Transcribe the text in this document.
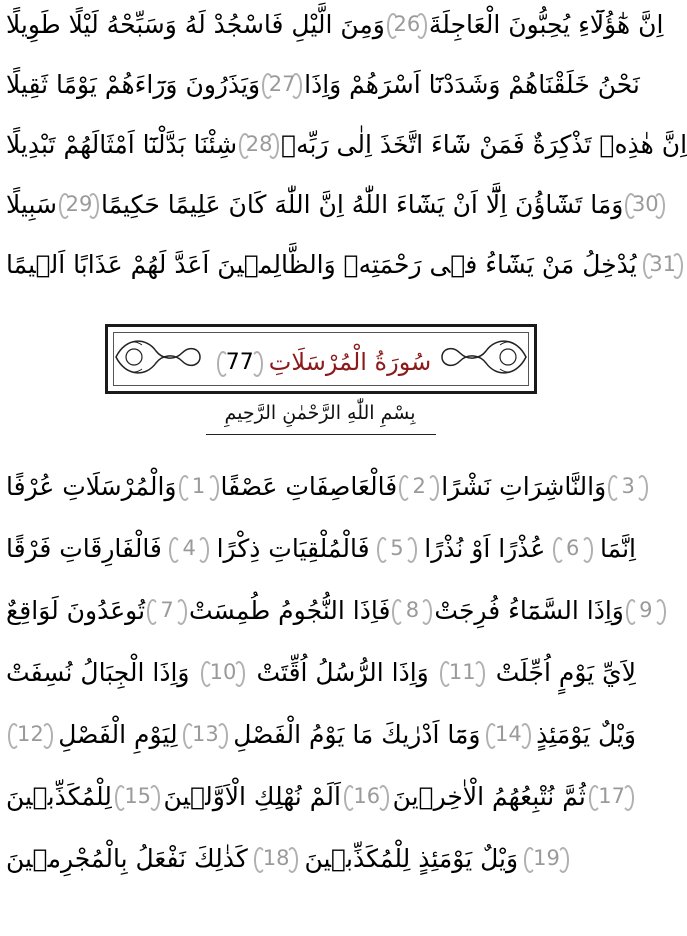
وَمِنَ الَّيْلِ فَاسْجُدْ لَهُ وَسَبِّحْهُ لَيْلًا طَوِيلًا 26 اِنَّ هٰٓؤُلَٓاءِ يُحِبُّونَ الْعَاجِلَةَ
وَيَذَرُونَ وَرَٓاءَهُمْ يَوْمًا ثَقِيلًا 27 نَحْنُ خَلَقْنَاهُمْ وَشَدَدْنَٓا اَسْرَهُمْ وَاِذَا
شِئْنَا بَدَّلْنَٓا اَمْثَالَهُمْ تَبْدِيلًا 28 اِنَّ هٰذِهٖ تَذْكِرَةٌ فَمَنْ شَٓاءَ اتَّخَذَ اِلٰى رَبِّهٖ
سَبِيلًا 29 وَمَا تَشَٓاؤُنَ اِلَّٓا اَنْ يَشَٓاءَ اللّٰهُ اِنَّ اللّٰهَ كَانَ عَلِيمًا حَكِيمًا 30
يُدْخِلُ مَنْ يَشَٓاءُ فٖى رَحْمَتِهٖ وَالظَّالِمٖينَ اَعَدَّ لَهُمْ عَذَابًا اَلٖيمًا 31
سُورَةُ الْمُرْسَلَاتِ
77
بِسْمِ اللّٰهِ الرَّحْمٰنِ الرَّحِيمِ
وَالْمُرْسَلَاتِ عُرْفًا 1 فَالْعَاصِفَاتِ عَصْفًا 2 وَالنَّاشِرَاتِ نَشْرًا 3
فَالْفَارِقَاتِ فَرْقًا 4 فَالْمُلْقِيَاتِ ذِكْرًا 5 عُذْرًا اَوْ نُذْرًا 6 اِنَّمَا
تُوعَدُونَ لَوَاقِعٌ 7 فَاِذَا النُّجُومُ طُمِسَتْ 8 وَاِذَا السَّمَٓاءُ فُرِجَتْ 9
وَاِذَا الْجِبَالُ نُسِفَتْ 10 وَاِذَا الرُّسُلُ اُقِّتَتْ 11 لِاَيِّ يَوْمٍ اُجِّلَتْ
12 لِيَوْمِ الْفَصْلِ 13 وَمَٓا اَدْرٰيكَ مَا يَوْمُ الْفَصْلِ 14 وَيْلٌ يَوْمَئِذٍ
لِلْمُكَذِّبٖينَ 15 اَلَمْ نُهْلِكِ الْاَوَّلٖينَ 16 ثُمَّ نُتْبِعُهُمُ الْاٰخِرٖينَ 17
كَذٰلِكَ نَفْعَلُ بِالْمُجْرِمٖينَ 18 وَيْلٌ يَوْمَئِذٍ لِلْمُكَذِّبٖينَ 19
